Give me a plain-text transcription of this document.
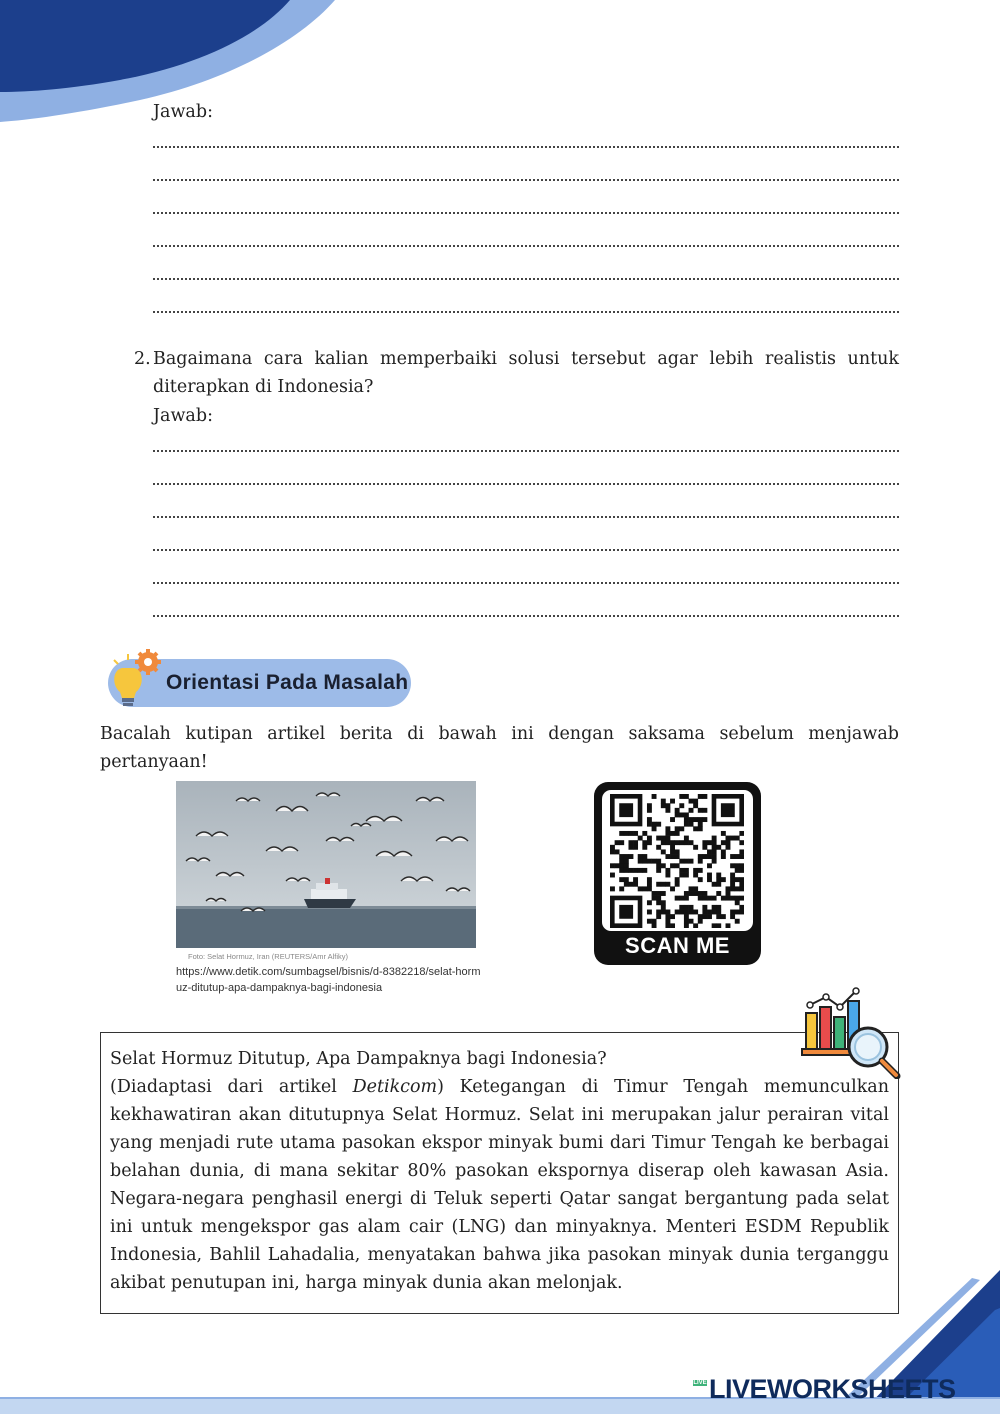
Jawab:
2. Bagaimana cara kalian memperbaiki solusi tersebut agar lebih realistis untuk diterapkan di Indonesia?
Jawab:
Orientasi Pada Masalah
Bacalah kutipan artikel berita di bawah ini dengan saksama sebelum menjawab pertanyaan!
Foto: Selat Hormuz, Iran (REUTERS/Amr Alfiky)
https://www.detik.com/sumbagsel/bisnis/d-8382218/selat-hormuz-ditutup-apa-dampaknya-bagi-indonesia
SCAN ME
Selat Hormuz Ditutup, Apa Dampaknya bagi Indonesia?
(Diadaptasi dari artikel Detikcom) Ketegangan di Timur Tengah memunculkan kekhawatiran akan ditutupnya Selat Hormuz. Selat ini merupakan jalur perairan vital yang menjadi rute utama pasokan ekspor minyak bumi dari Timur Tengah ke berbagai belahan dunia, di mana sekitar 80% pasokan ekspornya diserap oleh kawasan Asia. Negara-negara penghasil energi di Teluk seperti Qatar sangat bergantung pada selat ini untuk mengekspor gas alam cair (LNG) dan minyaknya. Menteri ESDM Republik Indonesia, Bahlil Lahadalia, menyatakan bahwa jika pasokan minyak dunia terganggu akibat penutupan ini, harga minyak dunia akan melonjak.
LIVE LIVEWORKSHEETS
